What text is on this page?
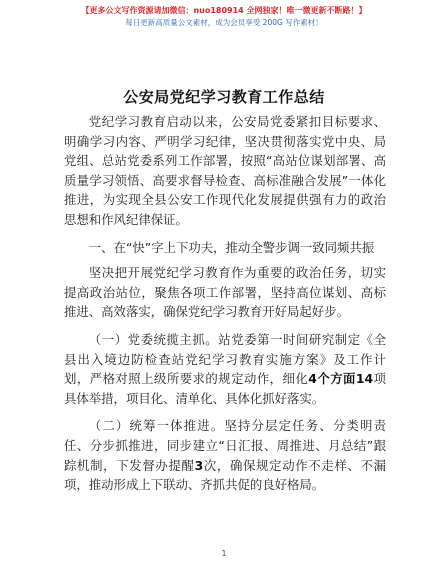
【更多公文写作资源请加微信：nuo180914 全网独家！唯一微更新不断路！】
每日更新高质量公文素材，成为会员享受 200G 写作素材！
公安局党纪学习教育工作总结

党纪学习教育启动以来，公安局党委紧扣目标要求、明确学习内容、严明学习纪律，坚决贯彻落实党中央、局党组、总站党委系列工作部署，按照“高站位谋划部署、高质量学习领悟、高要求督导检查、高标准融合发展”一体化推进，为实现全县公安工作现代化发展提供强有力的政治思想和作风纪律保证。

一、在“快”字上下功夫，推动全警步调一致同频共振

坚决把开展党纪学习教育作为重要的政治任务，切实提高政治站位，聚焦各项工作部署，坚持高位谋划、高标推进、高效落实，确保党纪学习教育开好局起好步。

（一）党委统揽主抓。站党委第一时间研究制定《全县出入境边防检查站党纪学习教育实施方案》及工作计划，严格对照上级所要求的规定动作，细化4个方面14项具体举措，项目化、清单化、具体化抓好落实。

（二）统筹一体推进。坚持分层定任务、分类明责任、分步抓推进，同步建立“日汇报、周推进、月总结”跟踪机制，下发督办提醒3次，确保规定动作不走样、不漏项，推动形成上下联动、齐抓共促的良好格局。

1
